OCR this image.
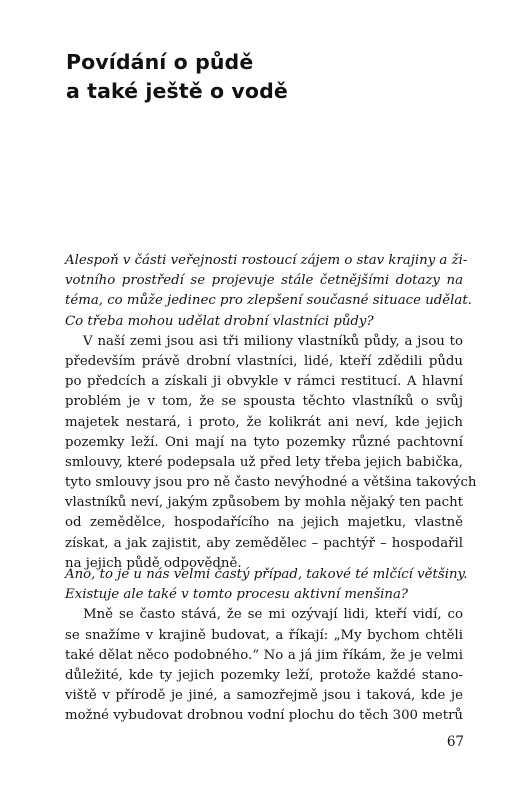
Povídání o půdě
a také ještě o vodě
Alespoň v části veřejnosti rostoucí zájem o stav krajiny a ži-
votního prostředí se projevuje stále četnějšími dotazy na
téma, co může jedinec pro zlepšení současné situace udělat.
Co třeba mohou udělat drobní vlastníci půdy?
V naší zemi jsou asi tři miliony vlastníků půdy, a jsou to
především právě drobní vlastníci, lidé, kteří zdědili půdu
po předcích a získali ji obvykle v rámci restitucí. A hlavní
problém je v tom, že se spousta těchto vlastníků o svůj
majetek nestará, i proto, že kolikrát ani neví, kde jejich
pozemky leží. Oni mají na tyto pozemky různé pachtovní
smlouvy, které podepsala už před lety třeba jejich babička,
tyto smlouvy jsou pro ně často nevýhodné a většina takových
vlastníků neví, jakým způsobem by mohla nějaký ten pacht
od zemědělce, hospodařícího na jejich majetku, vlastně
získat, a jak zajistit, aby zemědělec – pachtýř – hospodařil
na jejich půdě odpovědně.
Ano, to je u nás velmi častý případ, takové té mlčící většiny.
Existuje ale také v tomto procesu aktivní menšina?
Mně se často stává, že se mi ozývají lidi, kteří vidí, co
se snažíme v krajině budovat, a říkají: „My bychom chtěli
také dělat něco podobného.“ No a já jim říkám, že je velmi
důležité, kde ty jejich pozemky leží, protože každé stano-
viště v přírodě je jiné, a samozřejmě jsou i taková, kde je
možné vybudovat drobnou vodní plochu do těch 300 metrů
67
